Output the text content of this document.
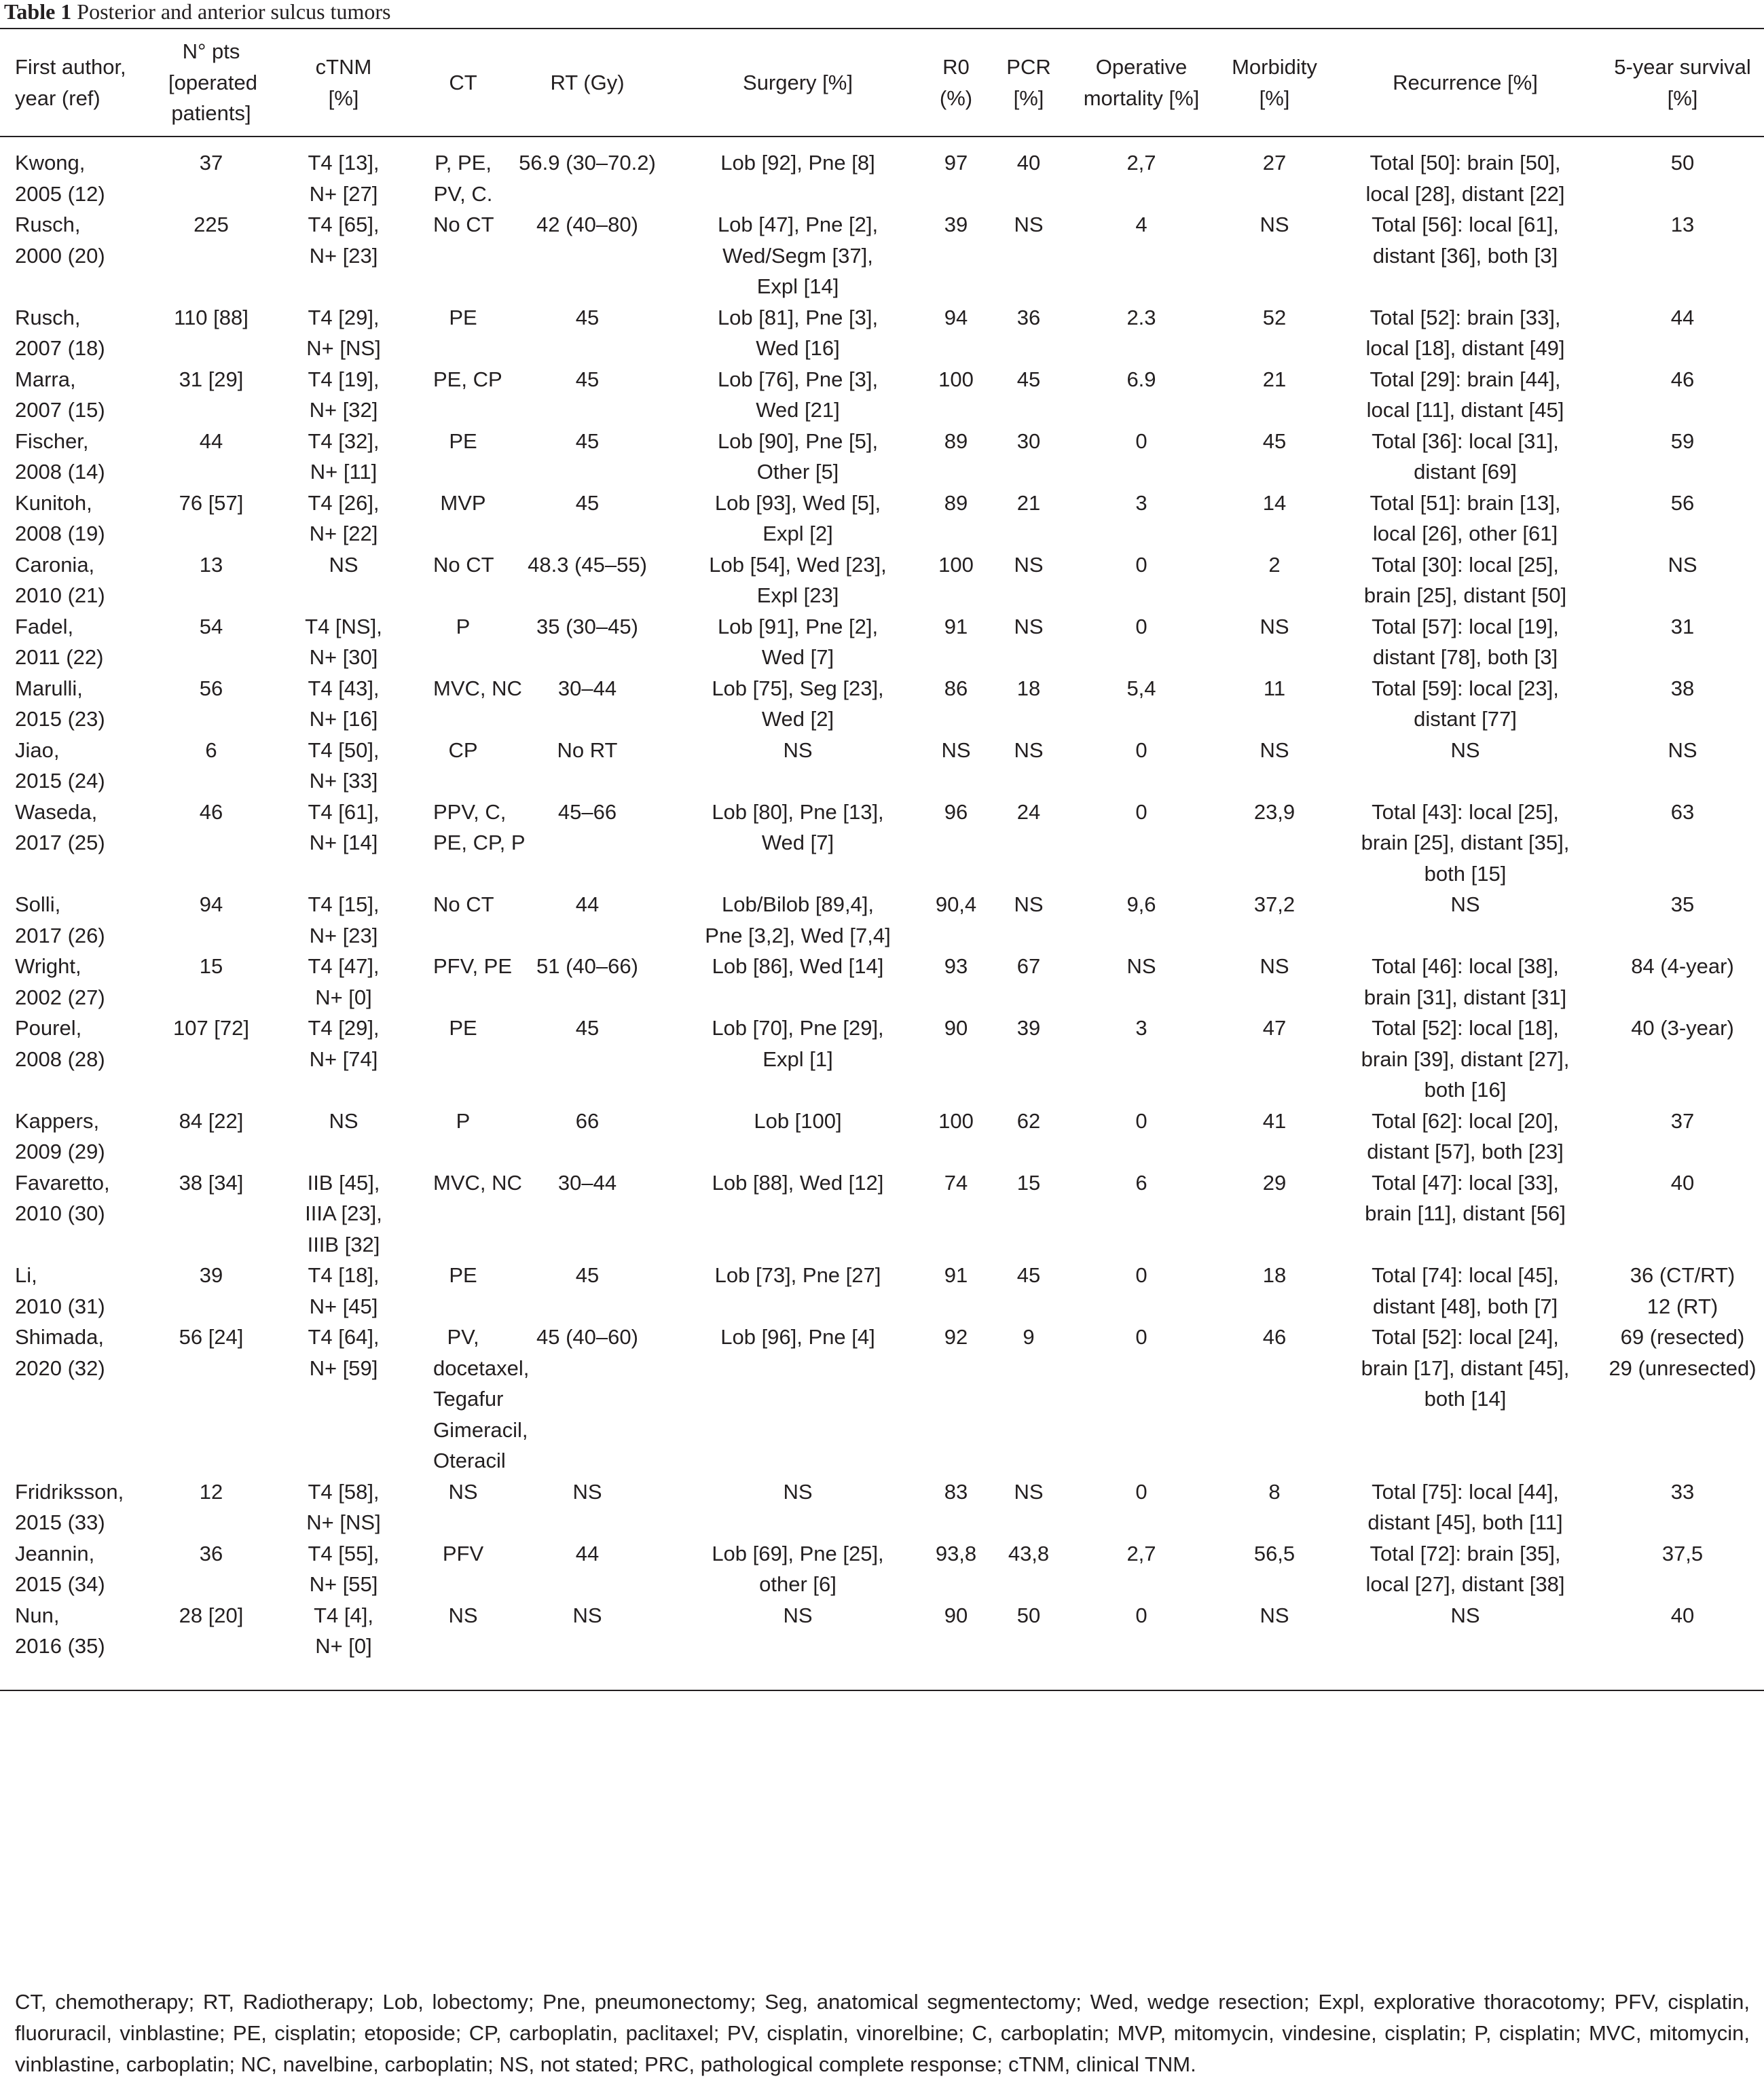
Table 1 Posterior and anterior sulcus tumors
First author,
year (ref)	N° pts
[operated
patients]	cTNM
[%]	CT	RT (Gy)	Surgery [%]	R0
(%)	PCR
[%]	Operative
mortality [%]	Morbidity
[%]	Recurrence [%]	5-year survival
[%]
Kwong,
2005 (12)	37	T4 [13],
N+ [27]	P, PE,
PV, C.	56.9 (30–70.2)	Lob [92], Pne [8]	97	40	2,7	27	Total [50]: brain [50],
local [28], distant [22]	50
Rusch,
2000 (20)	225	T4 [65],
N+ [23]	No CT	42 (40–80)	Lob [47], Pne [2],
Wed/Segm [37],
Expl [14]	39	NS	4	NS	Total [56]: local [61],
distant [36], both [3]	13
Rusch,
2007 (18)	110 [88]	T4 [29],
N+ [NS]	PE	45	Lob [81], Pne [3],
Wed [16]	94	36	2.3	52	Total [52]: brain [33],
local [18], distant [49]	44
Marra,
2007 (15)	31 [29]	T4 [19],
N+ [32]	PE, CP	45	Lob [76], Pne [3],
Wed [21]	100	45	6.9	21	Total [29]: brain [44],
local [11], distant [45]	46
Fischer,
2008 (14)	44	T4 [32],
N+ [11]	PE	45	Lob [90], Pne [5],
Other [5]	89	30	0	45	Total [36]: local [31],
distant [69]	59
Kunitoh,
2008 (19)	76 [57]	T4 [26],
N+ [22]	MVP	45	Lob [93], Wed [5],
Expl [2]	89	21	3	14	Total [51]: brain [13],
local [26], other [61]	56
Caronia,
2010 (21)	13	NS	No CT	48.3 (45–55)	Lob [54], Wed [23],
Expl [23]	100	NS	0	2	Total [30]: local [25],
brain [25], distant [50]	NS
Fadel,
2011 (22)	54	T4 [NS],
N+ [30]	P	35 (30–45)	Lob [91], Pne [2],
Wed [7]	91	NS	0	NS	Total [57]: local [19],
distant [78], both [3]	31
Marulli,
2015 (23)	56	T4 [43],
N+ [16]	MVC, NC	30–44	Lob [75], Seg [23],
Wed [2]	86	18	5,4	11	Total [59]: local [23],
distant [77]	38
Jiao,
2015 (24)	6	T4 [50],
N+ [33]	CP	No RT	NS	NS	NS	0	NS	NS	NS
Waseda,
2017 (25)	46	T4 [61],
N+ [14]	PPV, C,
PE, CP, P	45–66	Lob [80], Pne [13],
Wed [7]	96	24	0	23,9	Total [43]: local [25],
brain [25], distant [35],
both [15]	63
Solli,
2017 (26)	94	T4 [15],
N+ [23]	No CT	44	Lob/Bilob [89,4],
Pne [3,2], Wed [7,4]	90,4	NS	9,6	37,2	NS	35
Wright,
2002 (27)	15	T4 [47],
N+ [0]	PFV, PE	51 (40–66)	Lob [86], Wed [14]	93	67	NS	NS	Total [46]: local [38],
brain [31], distant [31]	84 (4-year)
Pourel,
2008 (28)	107 [72]	T4 [29],
N+ [74]	PE	45	Lob [70], Pne [29],
Expl [1]	90	39	3	47	Total [52]: local [18],
brain [39], distant [27],
both [16]	40 (3-year)
Kappers,
2009 (29)	84 [22]	NS	P	66	Lob [100]	100	62	0	41	Total [62]: local [20],
distant [57], both [23]	37
Favaretto,
2010 (30)	38 [34]	IIB [45],
IIIA [23],
IIIB [32]	MVC, NC	30–44	Lob [88], Wed [12]	74	15	6	29	Total [47]: local [33],
brain [11], distant [56]	40
Li,
2010 (31)	39	T4 [18],
N+ [45]	PE	45	Lob [73], Pne [27]	91	45	0	18	Total [74]: local [45],
distant [48], both [7]	36 (CT/RT)
12 (RT)
Shimada,
2020 (32)	56 [24]	T4 [64],
N+ [59]	PV,
docetaxel,
Tegafur
Gimeracil,
Oteracil	45 (40–60)	Lob [96], Pne [4]	92	9	0	46	Total [52]: local [24],
brain [17], distant [45],
both [14]	69 (resected)
29 (unresected)
Fridriksson,
2015 (33)	12	T4 [58],
N+ [NS]	NS	NS	NS	83	NS	0	8	Total [75]: local [44],
distant [45], both [11]	33
Jeannin,
2015 (34)	36	T4 [55],
N+ [55]	PFV	44	Lob [69], Pne [25],
other [6]	93,8	43,8	2,7	56,5	Total [72]: brain [35],
local [27], distant [38]	37,5
Nun,
2016 (35)	28 [20]	T4 [4],
N+ [0]	NS	NS	NS	90	50	0	NS	NS	40
CT, chemotherapy; RT, Radiotherapy; Lob, lobectomy; Pne, pneumonectomy; Seg, anatomical segmentectomy; Wed, wedge resection; Expl, explorative thoracotomy; PFV, cisplatin, fluoruracil, vinblastine; PE, cisplatin; etoposide; CP, carboplatin, paclitaxel; PV, cisplatin, vinorelbine; C, carboplatin; MVP, mitomycin, vindesine, cisplatin; P, cisplatin; MVC, mitomycin, vinblastine, carboplatin; NC, navelbine, carboplatin; NS, not stated; PRC, pathological complete response; cTNM, clinical TNM.
